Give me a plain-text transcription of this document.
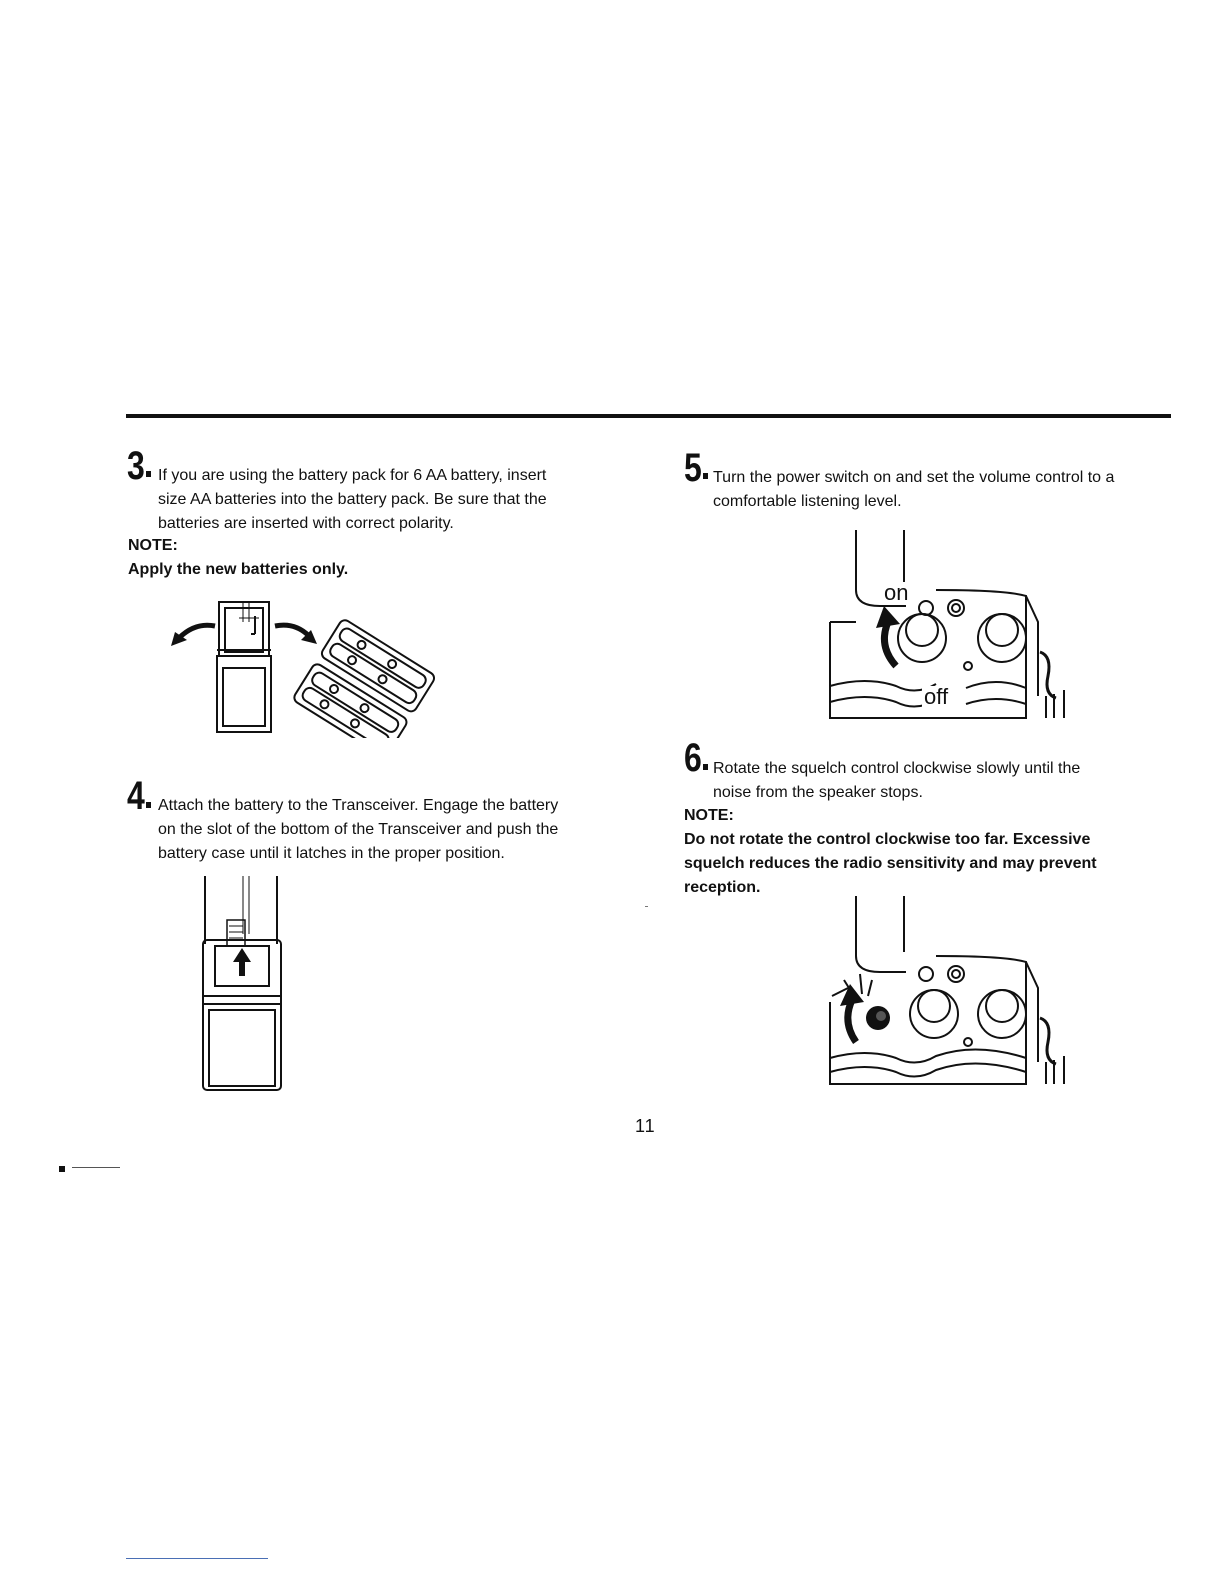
3 If you are using the battery pack for 6 AA battery, insert
size AA batteries into the battery pack. Be sure that the
batteries are inserted with correct polarity.
NOTE:
Apply the new batteries only.
4 Attach the battery to the Transceiver. Engage the battery
on the slot of the bottom of the Transceiver and push the
battery case until it latches in the proper position.
5 Turn the power switch on and set the volume control to a
comfortable listening level.
on
off
6 Rotate the squelch control clockwise slowly until the
noise from the speaker stops.
NOTE:
Do not rotate the control clockwise too far. Excessive
squelch reduces the radio sensitivity and may prevent
reception.
11
